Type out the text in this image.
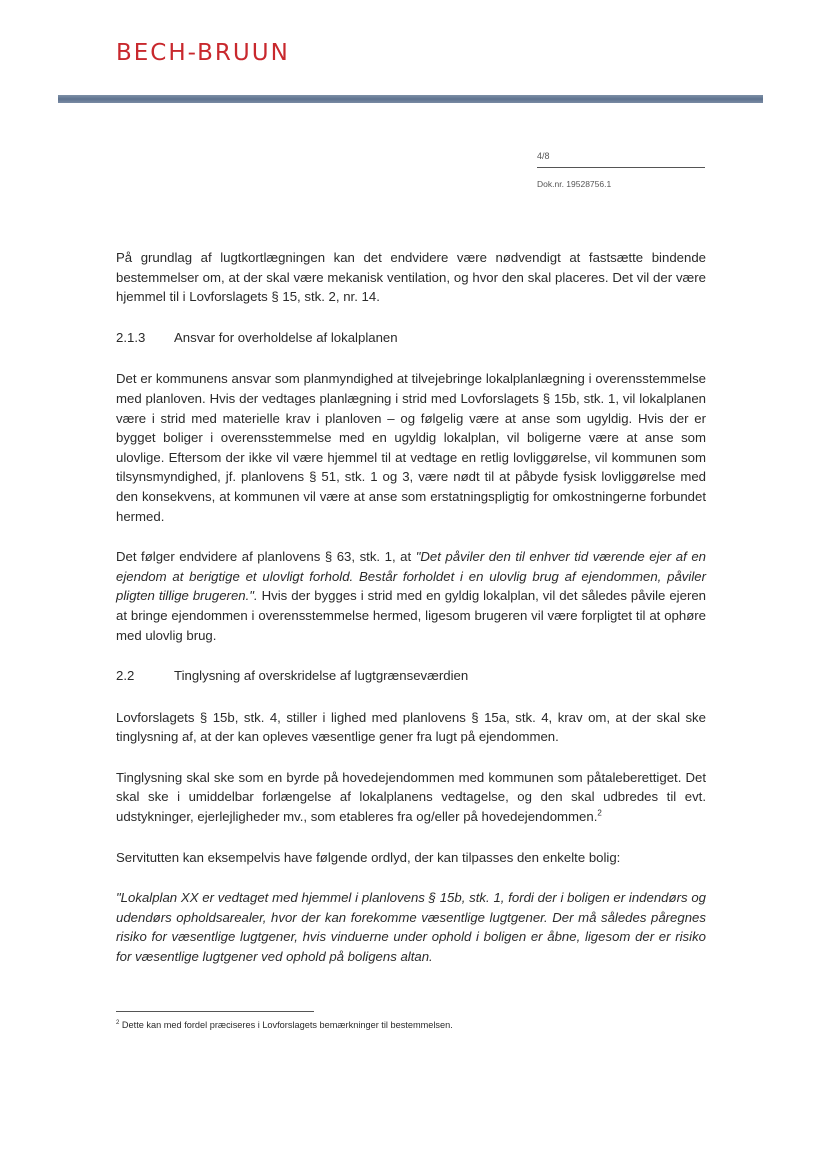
BECH-BRUUN
4/8
Dok.nr. 19528756.1

På grundlag af lugtkortlægningen kan det endvidere være nødvendigt at fastsætte bindende bestemmelser om, at der skal være mekanisk ventilation, og hvor den skal placeres. Det vil der være hjemmel til i Lovforslagets § 15, stk. 2, nr. 14.

2.1.3	Ansvar for overholdelse af lokalplanen

Det er kommunens ansvar som planmyndighed at tilvejebringe lokalplanlægning i overensstemmelse med planloven. Hvis der vedtages planlægning i strid med Lovforslagets § 15b, stk. 1, vil lokalplanen være i strid med materielle krav i planloven – og følgelig være at anse som ugyldig. Hvis der er bygget boliger i overensstemmelse med en ugyldig lokalplan, vil boligerne være at anse som ulovlige. Eftersom der ikke vil være hjemmel til at vedtage en retlig lovliggørelse, vil kommunen som tilsynsmyndighed, jf. planlovens § 51, stk. 1 og 3, være nødt til at påbyde fysisk lovliggørelse med den konsekvens, at kommunen vil være at anse som erstatningspligtig for omkostningerne forbundet hermed.

Det følger endvidere af planlovens § 63, stk. 1, at "Det påviler den til enhver tid værende ejer af en ejendom at berigtige et ulovligt forhold. Består forholdet i en ulovlig brug af ejendommen, påviler pligten tillige brugeren.". Hvis der bygges i strid med en gyldig lokalplan, vil det således påvile ejeren at bringe ejendommen i overensstemmelse hermed, ligesom brugeren vil være forpligtet til at ophøre med ulovlig brug.

2.2	Tinglysning af overskridelse af lugtgrænseværdien

Lovforslagets § 15b, stk. 4, stiller i lighed med planlovens § 15a, stk. 4, krav om, at der skal ske tinglysning af, at der kan opleves væsentlige gener fra lugt på ejendommen.

Tinglysning skal ske som en byrde på hovedejendommen med kommunen som påtaleberettiget. Det skal ske i umiddelbar forlængelse af lokalplanens vedtagelse, og den skal udbredes til evt. udstykninger, ejerlejligheder mv., som etableres fra og/eller på hovedejendommen.$^2$

Servitutten kan eksempelvis have følgende ordlyd, der kan tilpasses den enkelte bolig:

"Lokalplan XX er vedtaget med hjemmel i planlovens § 15b, stk. 1, fordi der i boligen er indendørs og udendørs opholdsarealer, hvor der kan forekomme væsentlige lugtgener. Der må således påregnes risiko for væsentlige lugtgener, hvis vinduerne under ophold i boligen er åbne, ligesom der er risiko for væsentlige lugtgener ved ophold på boligens altan.

$^2$ Dette kan med fordel præciseres i Lovforslagets bemærkninger til bestemmelsen.
